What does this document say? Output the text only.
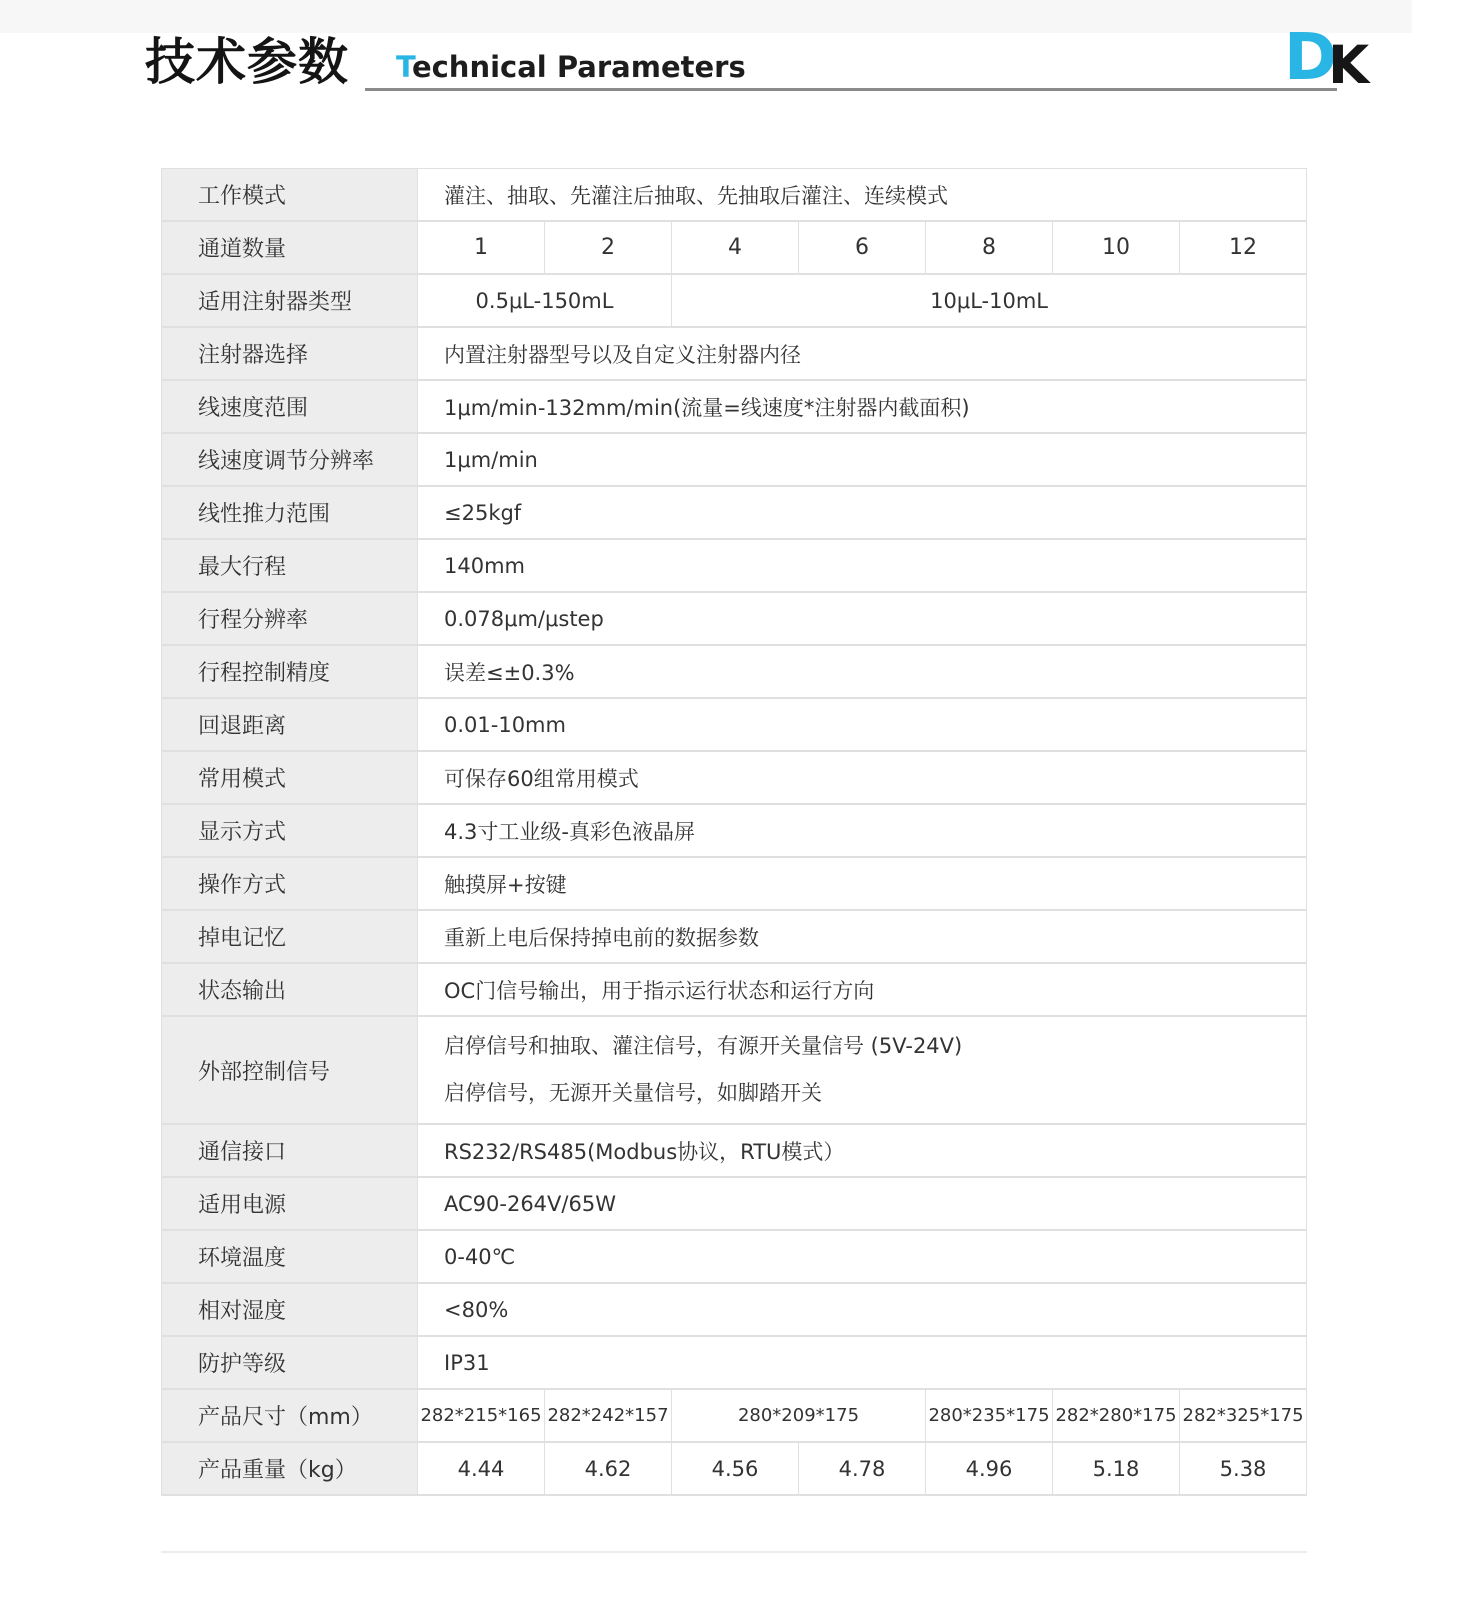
技术参数 Technical Parameters	D
K
工作模式	灌注、抽取、先灌注后抽取、先抽取后灌注、连续模式						
通道数量	1	2	4	6	8	10	12
适用注射器类型	0.5μL-150mL		10μL-10mL				
注射器选择	内置注射器型号以及自定义注射器内径						
线速度范围	1μm/min-132mm/min(流量=线速度*注射器内截面积)						
线速度调节分辨率	1μm/min						
线性推力范围	≤25kgf						
最大行程	140mm						
行程分辨率	0.078μm/μstep						
行程控制精度	误差≤±0.3%						
回退距离	0.01-10mm						
常用模式	可保存60组常用模式						
显示方式	4.3寸工业级-真彩色液晶屏						
操作方式	触摸屏+按键						
掉电记忆	重新上电后保持掉电前的数据参数						
状态输出	OC门信号输出，用于指示运行状态和运行方向						
外部控制信号	启停信号和抽取、灌注信号，有源开关量信号 (5V-24V)
启停信号，无源开关量信号，如脚踏开关						

通信接口	RS232/RS485(Modbus协议，RTU模式）						
适用电源	AC90-264V/65W						
环境温度	0-40℃						
相对湿度	<80%						
防护等级	IP31						
产品尺寸（mm）	282*215*165	282*242*157	280*209*175		280*235*175	282*280*175	282*325*175
产品重量（kg）	4.44	4.62	4.56	4.78	4.96	5.18	5.38
